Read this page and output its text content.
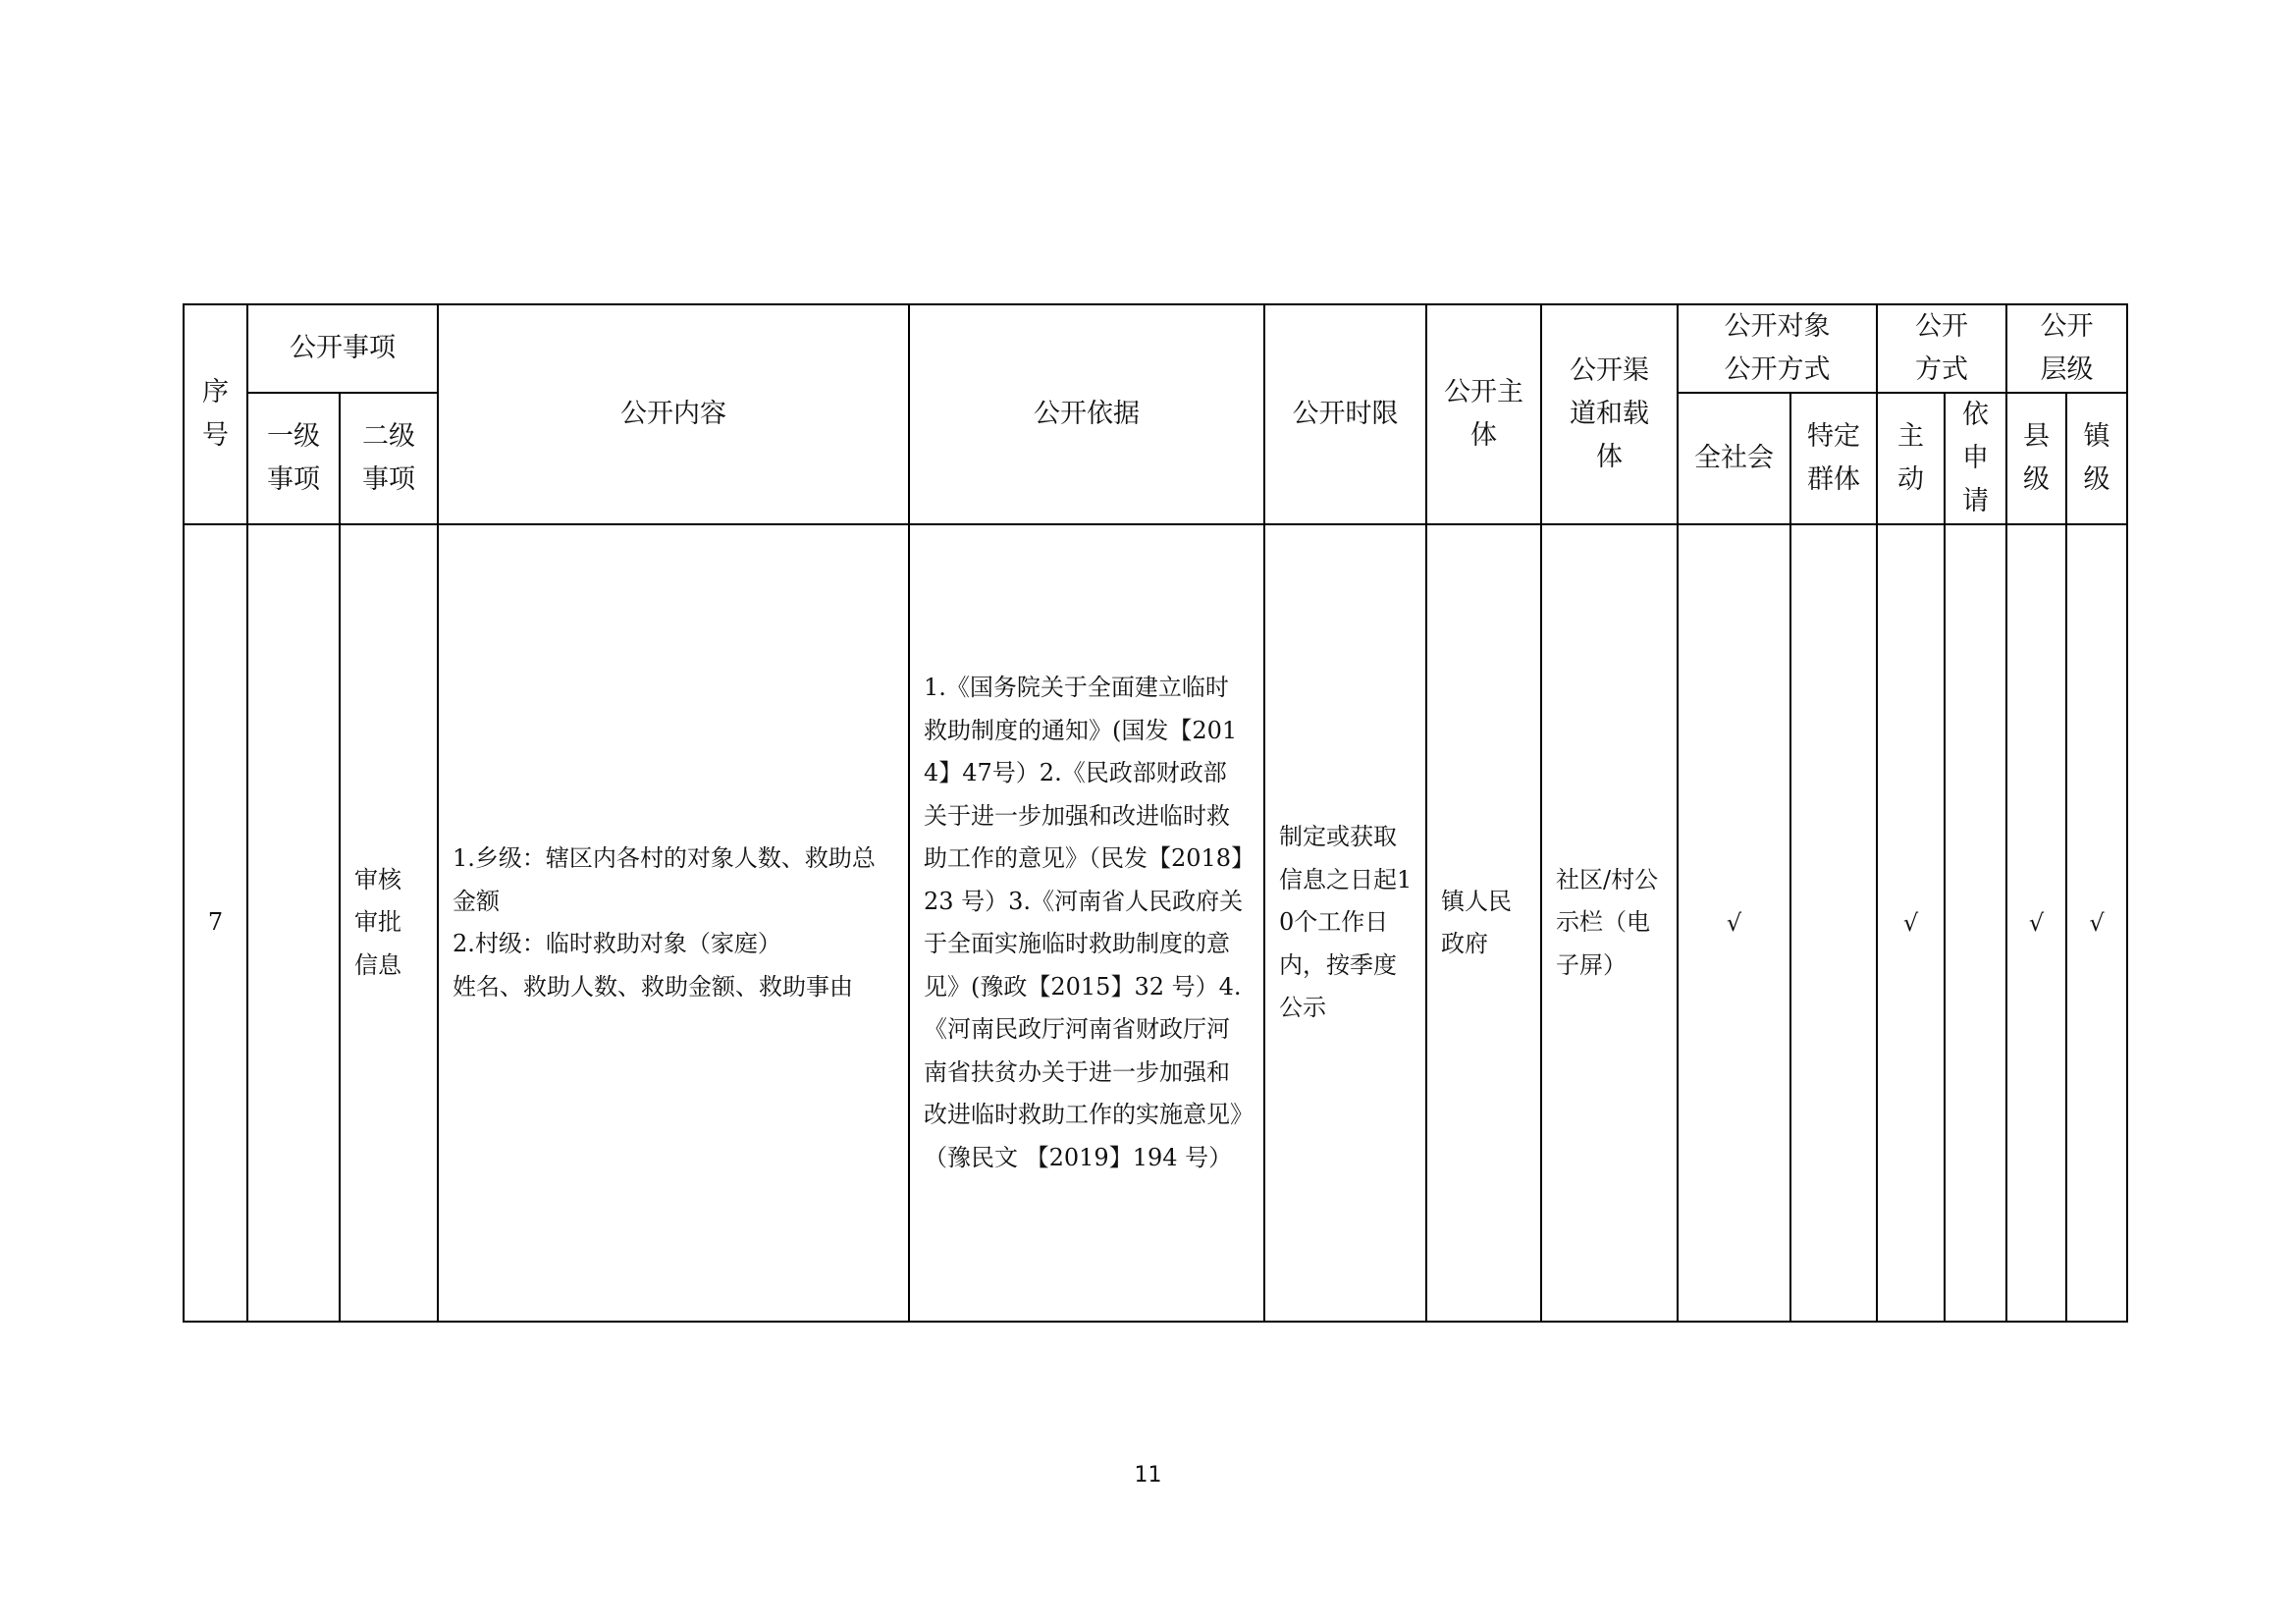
序号	公开事项		公开内容	公开依据	公开时限	公开主体	公开渠道和载体	公开对象公开方式		公开方式		公开层级	
	一级事项	二级事项						全社会	特定群体	主动	依申请	县级	镇级
7		审核审批信息	1.乡级：辖区内各村的对象人数、救助总金额
2.村级：临时救助对象（家庭）
姓名、救助人数、救助金额、救助事由	1.《国务院关于全面建立临时救助制度的通知》(国发【2014】47号）2.《民政部财政部关于进一步加强和改进临时救助工作的意见》（民发【2018】23 号）3.《河南省人民政府关于全面实施临时救助制度的意见》(豫政【2015】32 号）4.《河南民政厅河南省财政厅河南省扶贫办关于进一步加强和改进临时救助工作的实施意见》（豫民文 【2019】194 号）	制定或获取信息之日起10个工作日内，按季度公示	镇人民政府	社区/村公示栏（电子屏）	√		√		√	√
11
